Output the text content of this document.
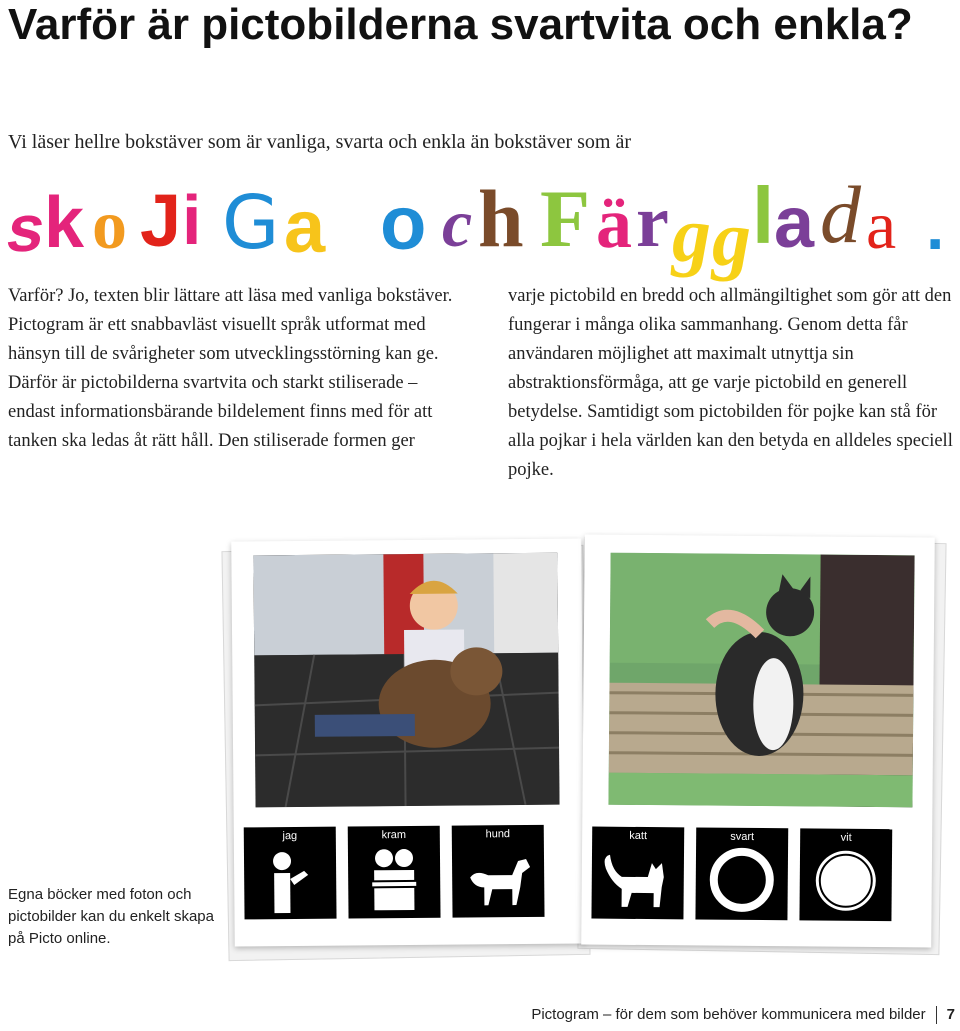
Varför är pictobilderna svartvita och enkla?
Vi läser hellre bokstäver som är vanliga, svarta och enkla än bokstäver som är
s
k o J i G a o c h F ä r g g l a d a .
Varför? Jo, texten blir lättare att läsa med vanliga bokstäver. Pictogram är ett snabbavläst visuellt språk utformat med hänsyn till de svårigheter som utvecklingsstörning kan ge. Därför är pictobilderna svartvita och starkt stiliserade – endast informationsbärande bildelement finns med för att tanken ska ledas åt rätt håll. Den stiliserade formen ger
varje pictobild en bredd och allmängiltighet som gör att den fungerar i många olika sammanhang. Genom detta får användaren möjlighet att maximalt utnyttja sin abstraktionsförmåga, att ge varje pictobild en generell betydelse. Samtidigt som pictobilden för pojke kan stå för alla pojkar i hela världen kan den betyda en alldeles speciell pojke.
jag	kram	hund	katt	svart	vit
Egna böcker med foton och pictobilder kan du enkelt skapa på Picto online.
Pictogram – för dem som behöver kommunicera med bilder 7
